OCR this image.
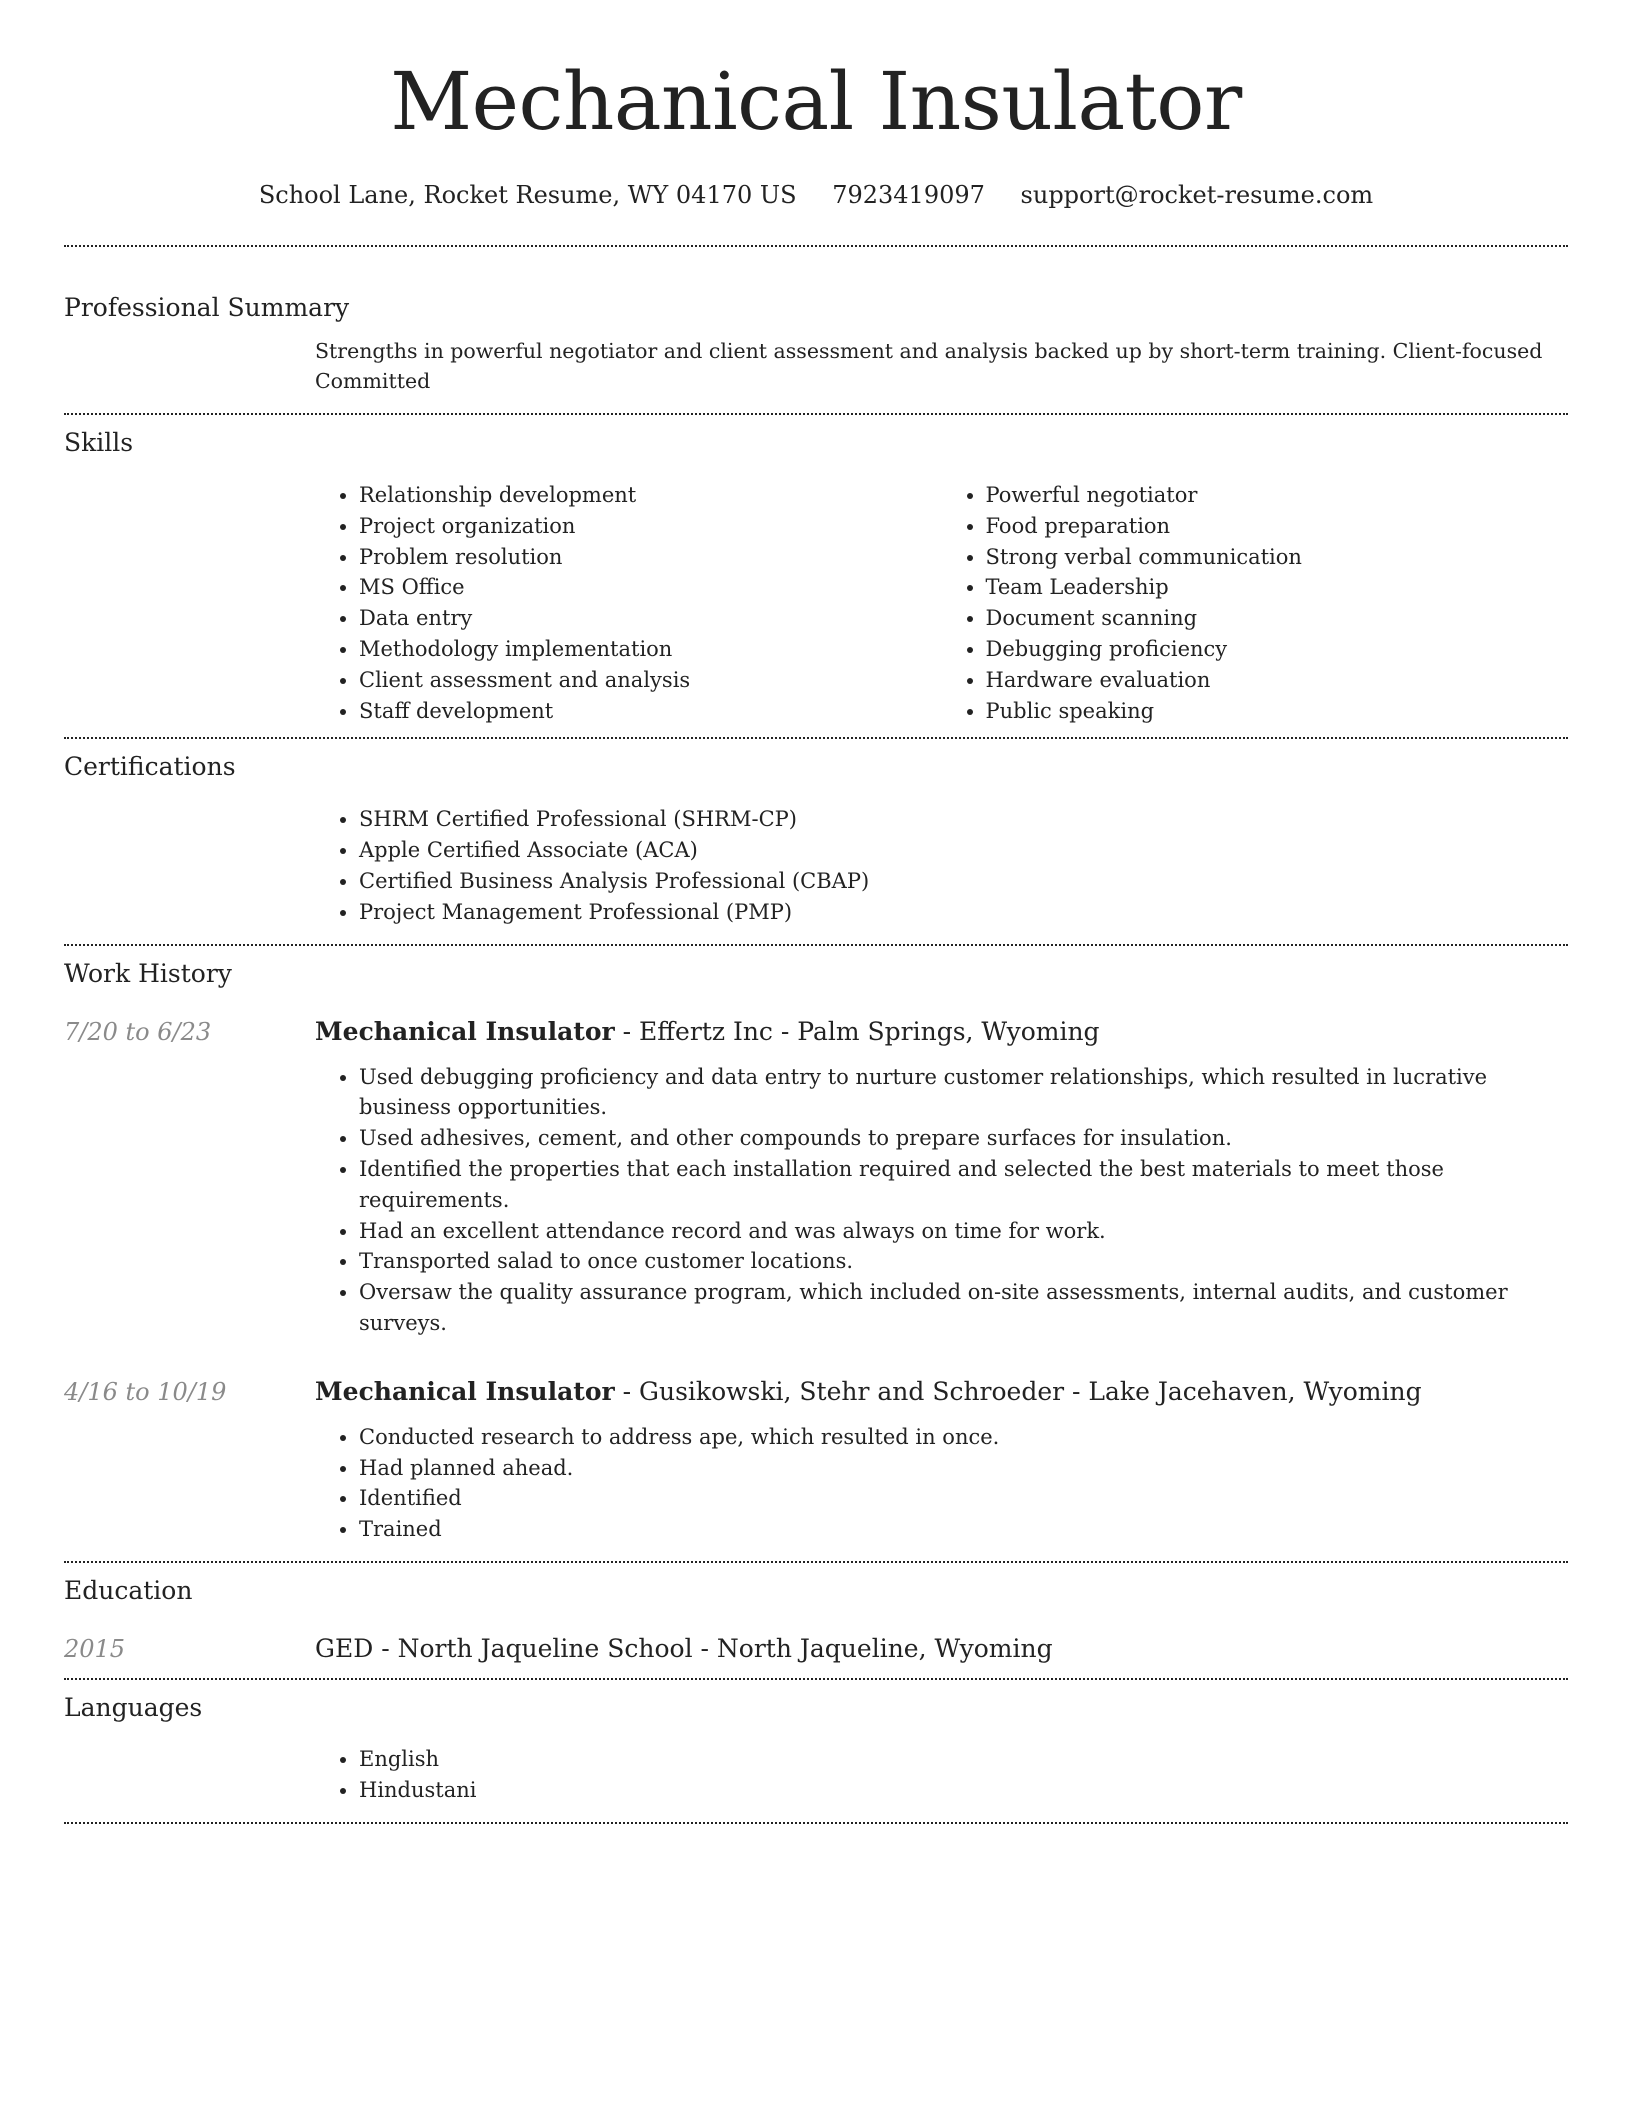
Mechanical Insulator
School Lane, Rocket Resume, WY 04170 US 7923419097 support@rocket-resume.com
Professional Summary

Strengths in powerful negotiator and client assessment and analysis backed up by short-term training. Client-focused Committed

Skills
• Relationship development
• Project organization
• Problem resolution
• MS Office
• Data entry
• Methodology implementation
• Client assessment and analysis
• Staff development
• Powerful negotiator
• Food preparation
• Strong verbal communication
• Team Leadership
• Document scanning
• Debugging proficiency
• Hardware evaluation
• Public speaking
Certifications
• SHRM Certified Professional (SHRM-CP)
• Apple Certified Associate (ACA)
• Certified Business Analysis Professional (CBAP)
• Project Management Professional (PMP)
Work History
7/20 to 6/23	Mechanical Insulator - Effertz Inc - Palm Springs, Wyoming

• Used debugging proficiency and data entry to nurture customer relationships, which resulted in lucrative business opportunities.
• Used adhesives, cement, and other compounds to prepare surfaces for insulation.
• Identified the properties that each installation required and selected the best materials to meet those requirements.
• Had an excellent attendance record and was always on time for work.
• Transported salad to once customer locations.
• Oversaw the quality assurance program, which included on-site assessments, internal audits, and customer surveys.
4/16 to 10/19	Mechanical Insulator - Gusikowski, Stehr and Schroeder - Lake Jacehaven, Wyoming

• Conducted research to address ape, which resulted in once.
• Had planned ahead.
• Identified
• Trained
Education
2015	GED - North Jaqueline School - North Jaqueline, Wyoming

Languages
• English
• Hindustani
